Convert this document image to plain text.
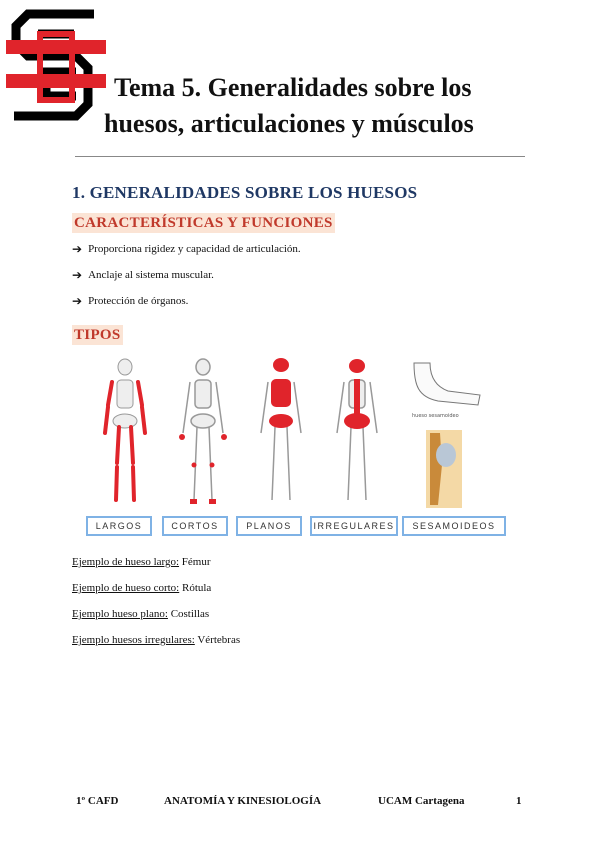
Tema 5. Generalidades sobre los
huesos, articulaciones y músculos
1. GENERALIDADES SOBRE LOS HUESOS
CARACTERÍSTICAS Y FUNCIONES
➔ Proporciona rigidez y capacidad de articulación.
➔ Anclaje al sistema muscular.
➔ Protección de órganos.
TIPOS
hueso sesamoideo
LARGOS	CORTOS	PLANOS	IRREGULARES	SESAMOIDEOS
Ejemplo de hueso largo: Fémur
Ejemplo de hueso corto: Rótula
Ejemplo hueso plano: Costillas
Ejemplo huesos irregulares: Vértebras
1º CAFD	ANATOMÍA Y KINESIOLOGÍA	UCAM Cartagena	1
